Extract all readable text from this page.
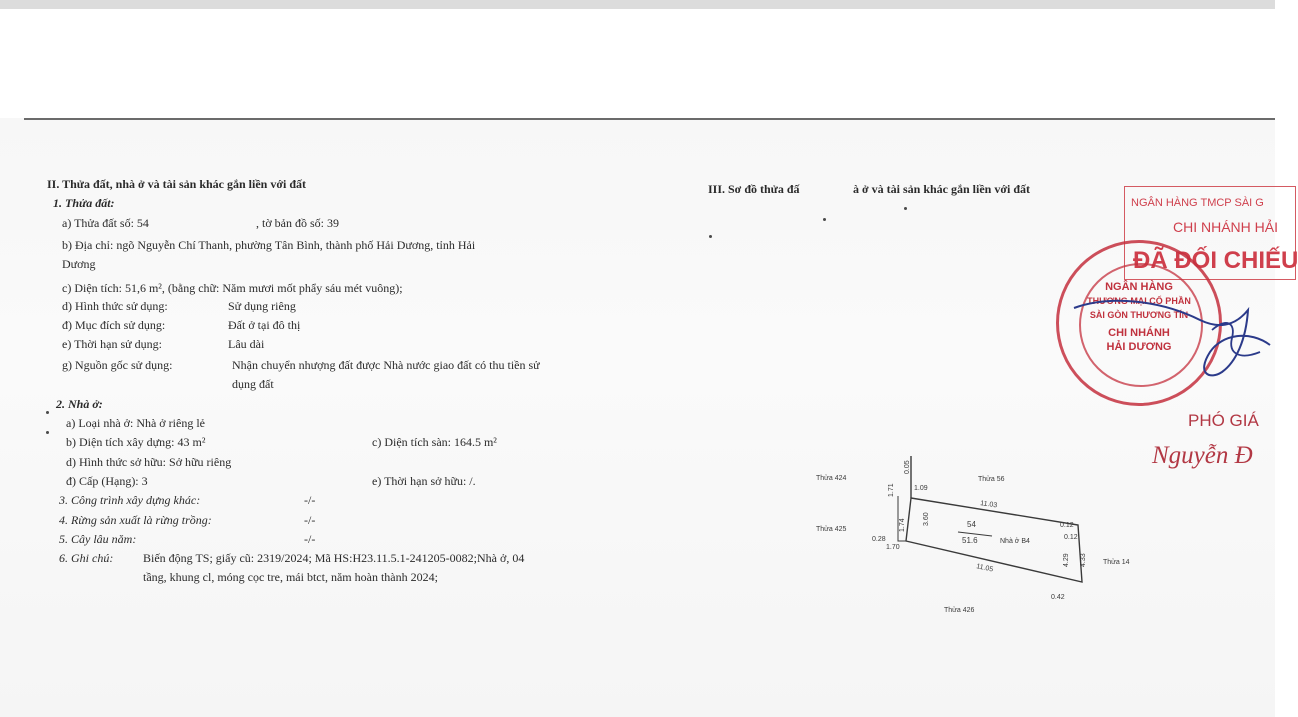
II. Thửa đất, nhà ở và tài sản khác gắn liền với đất
1. Thửa đất:
a) Thửa đất số: 54	, tờ bản đồ số: 39
b) Địa chỉ: ngõ Nguyễn Chí Thanh, phường Tân Bình, thành phố Hải Dương, tỉnh Hải
Dương
c) Diện tích: 51,6 m², (bằng chữ: Năm mươi mốt phẩy sáu mét vuông);
d) Hình thức sử dụng:	Sử dụng riêng
đ) Mục đích sử dụng:	Đất ở tại đô thị
e) Thời hạn sử dụng:	Lâu dài
g) Nguồn gốc sử dụng:	Nhận chuyển nhượng đất được Nhà nước giao đất có thu tiền sử
dụng đất
2. Nhà ở:
a) Loại nhà ở: Nhà ở riêng lẻ
b) Diện tích xây dựng: 43 m²	c) Diện tích sàn: 164.5 m²
d) Hình thức sở hữu: Sở hữu riêng
đ) Cấp (Hạng): 3	e) Thời hạn sở hữu: /.
3. Công trình xây dựng khác:	-/-
4. Rừng sản xuất là rừng trồng:	-/-
5. Cây lâu năm:	-/-
6. Ghi chú: Biến động TS; giấy cũ: 2319/2024; Mã HS:H23.11.5.1-241205-0082;Nhà ở, 04
tầng, khung cl, móng cọc tre, mái btct, năm hoàn thành 2024;
III. Sơ đồ thửa đấ	à ở và tài sản khác gắn liền với đất
Thửa 424	Thửa 56
Thửa 425
Thửa 14
Thửa 426
54
51.6	Nhà ở B4
11.03
11.05
0.12
0.42
3.60
1.74
1.71	1.09
0.05
1.70
0.28
4.29 4.33
0.12
NGÂN HÀNG TMCP SÀI G
CHI NHÁNH HẢI
ĐÃ ĐỐI CHIẾU
NGÂN HÀNG
THƯƠNG MẠI CỔ PHẦN
SÀI GÒN THƯƠNG TÍN
CHI NHÁNH
HẢI DƯƠNG
PHÓ GIÁ
Nguyễn Đ
